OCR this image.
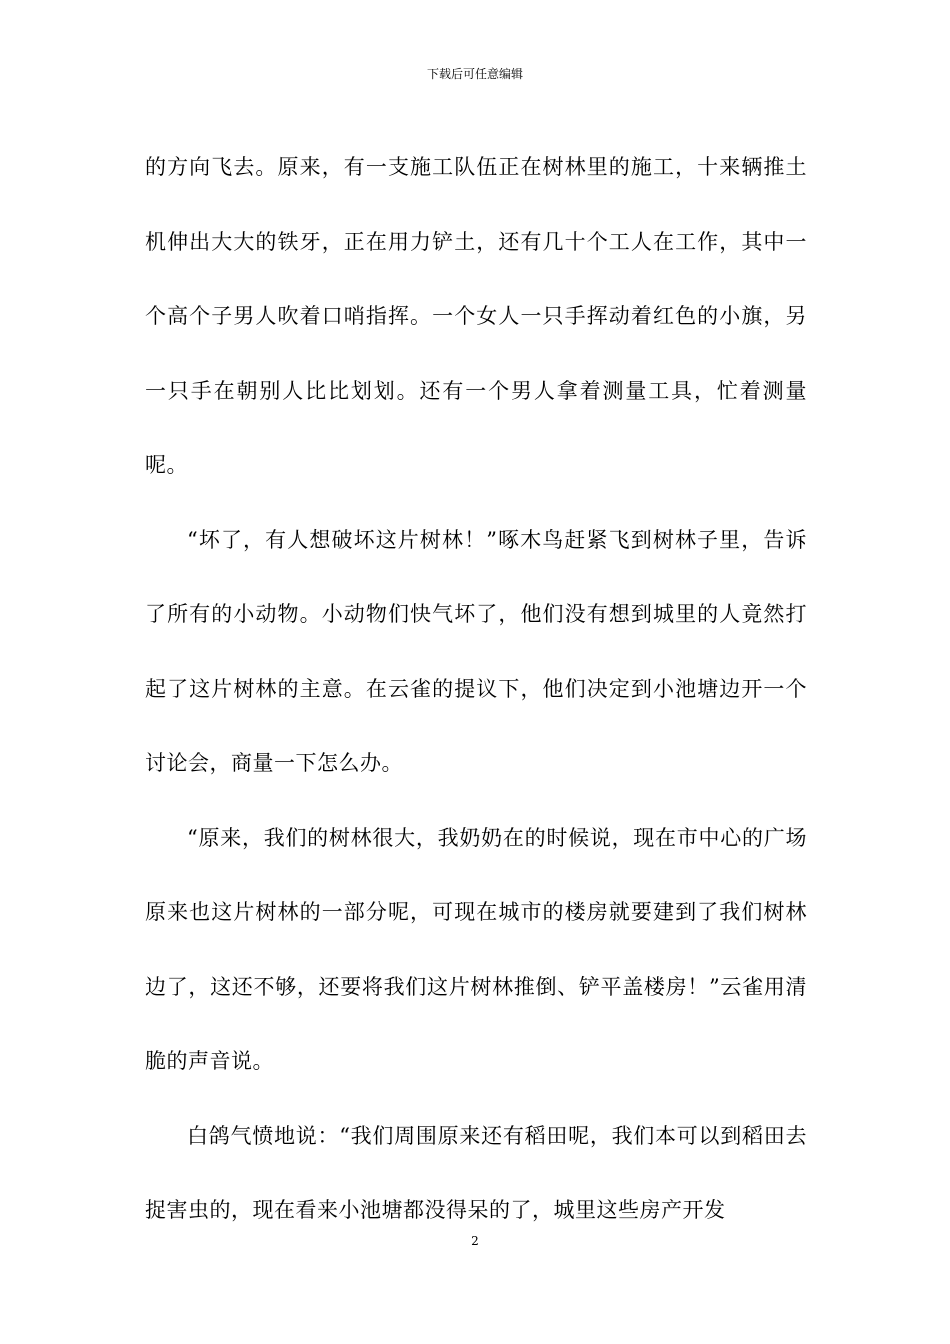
下载后可任意编辑

的方向飞去。原来，有一支施工队伍正在树林里的施工，十来辆推土机伸出大大的铁牙，正在用力铲土，还有几十个工人在工作，其中一个高个子男人吹着口哨指挥。一个女人一只手挥动着红色的小旗，另一只手在朝别人比比划划。还有一个男人拿着测量工具，忙着测量呢。

“坏了，有人想破坏这片树林！”啄木鸟赶紧飞到树林子里，告诉了所有的小动物。小动物们快气坏了，他们没有想到城里的人竟然打起了这片树林的主意。在云雀的提议下，他们决定到小池塘边开一个讨论会，商量一下怎么办。

“原来，我们的树林很大，我奶奶在的时候说，现在市中心的广场原来也这片树林的一部分呢，可现在城市的楼房就要建到了我们树林边了，这还不够，还要将我们这片树林推倒、铲平盖楼房！”云雀用清脆的声音说。

白鸽气愤地说：“我们周围原来还有稻田呢，我们本可以到稻田去捉害虫的，现在看来小池塘都没得呆的了，城里这些房产开发

2
